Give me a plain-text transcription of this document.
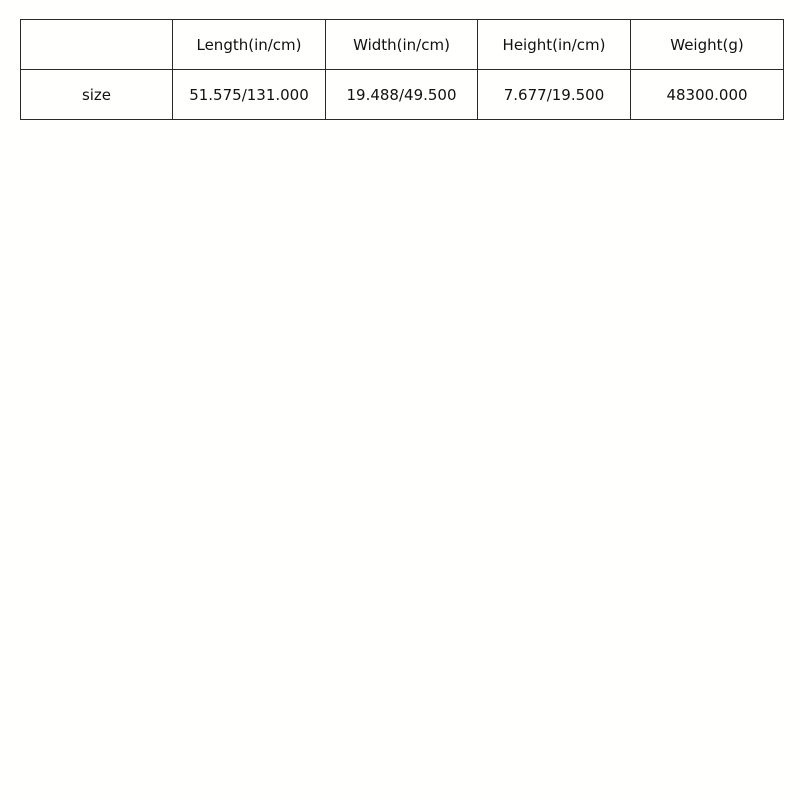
	Length(in/cm)	Width(in/cm)	Height(in/cm)	Weight(g)
size	51.575/131.000	19.488/49.500	7.677/19.500	48300.000
